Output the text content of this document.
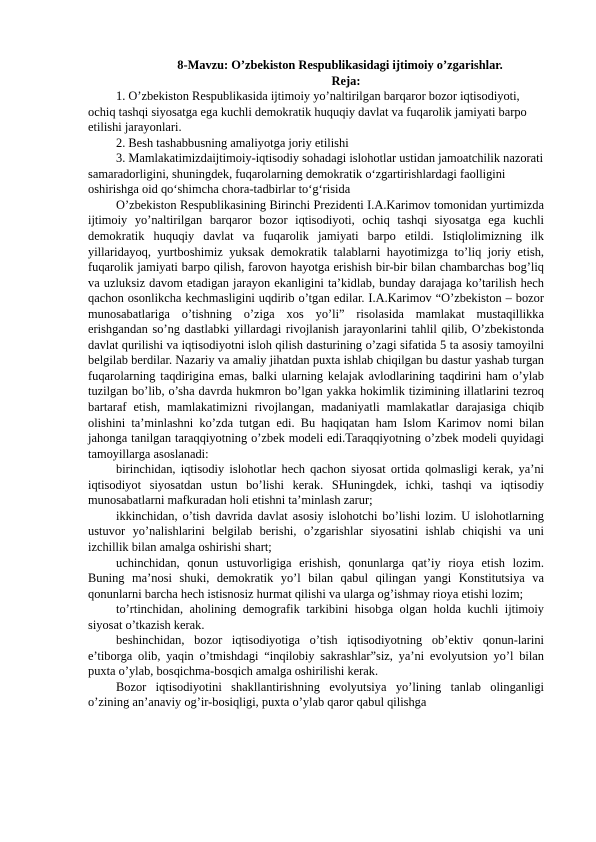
8-Mavzu: O’zbekiston Respublikasidagi ijtimoiy o’zgarishlar.
Reja:

1. O’zbekiston Respublikasida ijtimoiy yo’naltirilgan barqaror bozor iqtisodiyoti, ochiq tashqi siyosatga ega kuchli demokratik huquqiy davlat va fuqarolik jamiyati barpo etilishi jarayonlari.

2. Besh tashabbusning amaliyotga joriy etilishi

3. Mamlakatimizdaijtimoiy-iqtisodiy sohadagi islohotlar ustidan jamoatchilik nazorati samaradorligini, shuningdek, fuqarolarning demokratik o‘zgartirishlardagi faolligini oshirishga oid qo‘shimcha chora-tadbirlar to‘g‘risida

O’zbekiston Respublikasining Birinchi Prezidenti I.A.Karimov tomonidan yurtimizda ijtimoiy yo’naltirilgan barqaror bozor iqtisodiyoti, ochiq tashqi siyosatga ega kuchli demokratik huquqiy davlat va fuqarolik jamiyati barpo etildi. Istiqlolimizning ilk yillaridayoq, yurtboshimiz yuksak demokratik talablarni hayotimizga to’liq joriy etish, fuqarolik jamiyati barpo qilish, farovon hayotga erishish bir-bir bilan chambarchas bog’liq va uzluksiz davom etadigan jarayon ekanligini ta’kidlab, bunday darajaga ko’tarilish hech qachon osonlikcha kechmasligini uqdirib o’tgan edilar. I.A.Karimov “O’zbekiston – bozor munosabatlariga o’tishning o’ziga xos yo’li” risolasida mamlakat mustaqillikka erishgandan so’ng dastlabki yillardagi rivojlanish jarayonlarini tahlil qilib, O’zbekistonda davlat qurilishi va iqtisodiyotni isloh qilish dasturining o’zagi sifatida 5 ta asosiy tamoyilni belgilab berdilar. Nazariy va amaliy jihatdan puxta ishlab chiqilgan bu dastur yashab turgan fuqarolarning taqdirigina emas, balki ularning kelajak avlodlarining taqdirini ham o’ylab tuzilgan bo’lib, o’sha davrda hukmron bo’lgan yakka hokimlik tizimining illatlarini tezroq bartaraf etish, mamlakatimizni rivojlangan, madaniyatli mamlakatlar darajasiga chiqib olishini ta’minlashni ko’zda tutgan edi. Bu haqiqatan ham Islom Karimov nomi bilan jahonga tanilgan taraqqiyotning o’zbek modeli edi.Taraqqiyotning o’zbek modeli quyidagi tamoyillarga asoslanadi:

birinchidan, iqtisodiy islohotlar hech qachon siyosat ortida qolmasligi kerak, ya’ni iqtisodiyot siyosatdan ustun bo’lishi kerak. SHuningdek, ichki, tashqi va iqtisodiy munosabatlarni mafkuradan holi etishni ta’minlash zarur;

ikkinchidan, o’tish davrida davlat asosiy islohotchi bo’lishi lozim. U islohotlarning ustuvor yo’nalishlarini belgilab berishi, o’zgarishlar siyosatini ishlab chiqishi va uni izchillik bilan amalga oshirishi shart;

uchinchidan, qonun ustuvorligiga erishish, qonunlarga qat’iy rioya etish lozim. Buning ma’nosi shuki, demokratik yo’l bilan qabul qilingan yangi Konstitutsiya va qonunlarni barcha hech istisnosiz hurmat qilishi va ularga og’ishmay rioya etishi lozim;

to’rtinchidan, aholining demografik tarkibini hisobga olgan holda kuchli ijtimoiy siyosat o’tkazish kerak.

beshinchidan, bozor iqtisodiyotiga o’tish iqtisodiyotning ob’ektiv qonun-larini e’tiborga olib, yaqin o’tmishdagi “inqilobiy sakrashlar”siz, ya’ni evolyutsion yo’l bilan puxta o’ylab, bosqichma-bosqich amalga oshirilishi kerak.

Bozor iqtisodiyotini shakllantirishning evolyutsiya yo’lining tanlab olinganligi o’zining an’anaviy og’ir-bosiqligi, puxta o’ylab qaror qabul qilishga
